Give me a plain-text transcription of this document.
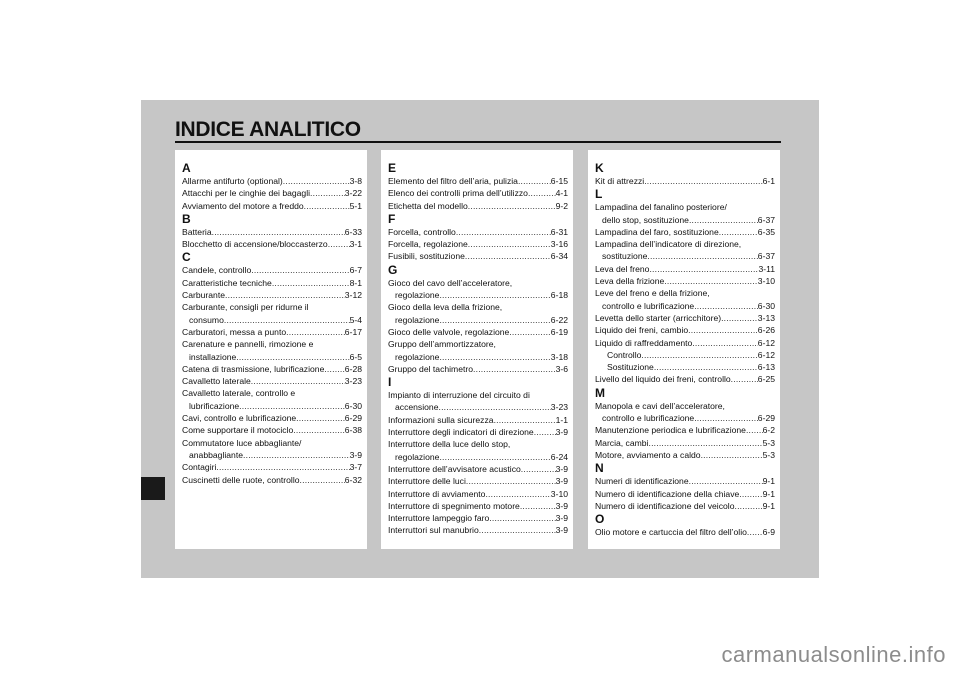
INDICE ANALITICO
A
Allarme antifurto (optional) .....	3-8
Attacchi per le cinghie dei bagagli .....	3-22
Avviamento del motore a freddo .....	5-1
B
Batteria .....	6-33
Blocchetto di accensione/bloccasterzo .....	3-1
C
Candele, controllo .....	6-7
Caratteristiche tecniche .....	8-1
Carburante .....	3-12
Carburante, consigli per ridurne il
consumo .....	5-4
Carburatori, messa a punto .....	6-17
Carenature e pannelli, rimozione e
installazione .....	6-5
Catena di trasmissione, lubrificazione ..... 6-28
Cavalletto laterale .....	3-23
Cavalletto laterale, controllo e
lubrificazione .....	6-30
Cavi, controllo e lubrificazione .....	6-29
Come supportare il motociclo .....	6-38
Commutatore luce abbagliante/
anabbagliante .....	3-9
Contagiri .....	3-7
Cuscinetti delle ruote, controllo .....	6-32
E
Elemento del filtro dell’aria, pulizia .....	6-15
Elenco dei controlli prima dell’utilizzo .....	4-1
Etichetta del modello .....	9-2
F
Forcella, controllo .....	6-31
Forcella, regolazione .....	3-16
Fusibili, sostituzione .....	6-34
G
Gioco del cavo dell’acceleratore,
regolazione .....	6-18
Gioco della leva della frizione,
regolazione .....	6-22
Gioco delle valvole, regolazione .....	6-19
Gruppo dell’ammortizzatore,
regolazione .....	3-18
Gruppo del tachimetro .....	3-6
I
Impianto di interruzione del circuito di
accensione .....	3-23
Informazioni sulla sicurezza .....	1-1
Interruttore degli indicatori di direzione .....	3-9
Interruttore della luce dello stop,
regolazione .....	6-24
Interruttore dell’avvisatore acustico .....	3-9
Interruttore delle luci .....	3-9
Interruttore di avviamento .....	3-10
Interruttore di spegnimento motore .....	3-9
Interruttore lampeggio faro .....	3-9
Interruttori sul manubrio .....	3-9
K
Kit di attrezzi .....	6-1
L
Lampadina del fanalino posteriore/
dello stop, sostituzione .....	6-37
Lampadina del faro, sostituzione .....	6-35
Lampadina dell’indicatore di direzione,
sostituzione .....	6-37
Leva del freno .....	3-11
Leva della frizione .....	3-10
Leve del freno e della frizione,
controllo e lubrificazione .....	6-30
Levetta dello starter (arricchitore) .....	3-13
Liquido dei freni, cambio .....	6-26
Liquido di raffreddamento .....	6-12
Controllo .....	6-12
Sostituzione .....	6-13
Livello del liquido dei freni, controllo .....	6-25
M
Manopola e cavi dell’acceleratore,
controllo e lubrificazione .....	6-29
Manutenzione periodica e lubrificazione ..... 6-2
Marcia, cambi .....	5-3
Motore, avviamento a caldo .....	5-3
N
Numeri di identificazione .....	9-1
Numero di identificazione della chiave .....	9-1
Numero di identificazione del veicolo .....	9-1
O
Olio motore e cartuccia del filtro dell’olio ..... 6-9
carmanualsonline.info
